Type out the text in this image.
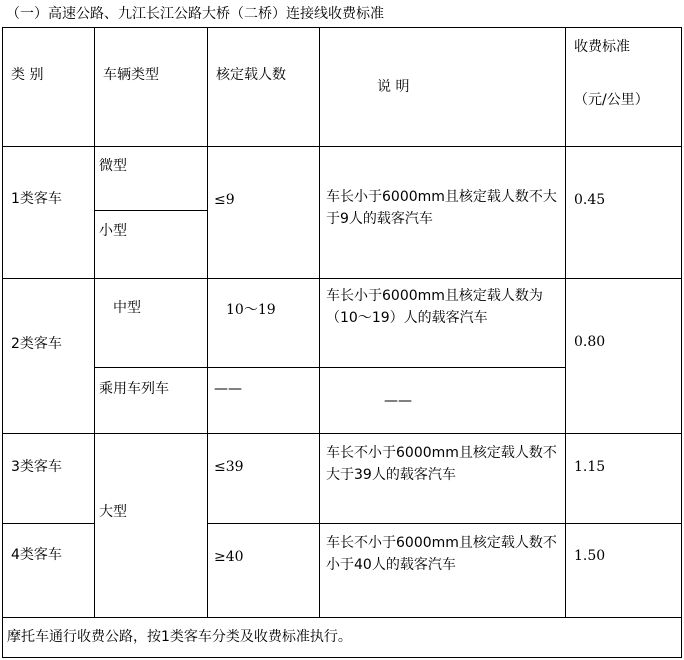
（一）高速公路、九江长江公路大桥（二桥）连接线收费标准
类 别	车辆类型	核定载人数	说 明	收费标准
（元/公里）

1类客车	微型	≤9	车长小于6000mm且核定载人数不大于9人的载客汽车	0.45

	小型			

2类客车	中型	10～19	车长小于6000mm且核定载人数为（10～19）人的载客汽车	0.80

	乘用车列车	——	——	

3类客车	大型	≤39	车长不小于6000mm且核定载人数不大于39人的载客汽车	1.15

4类客车		≥40	车长不小于6000mm且核定载人数不小于40人的载客汽车	1.50

摩托车通行收费公路，按1类客车分类及收费标准执行。				
